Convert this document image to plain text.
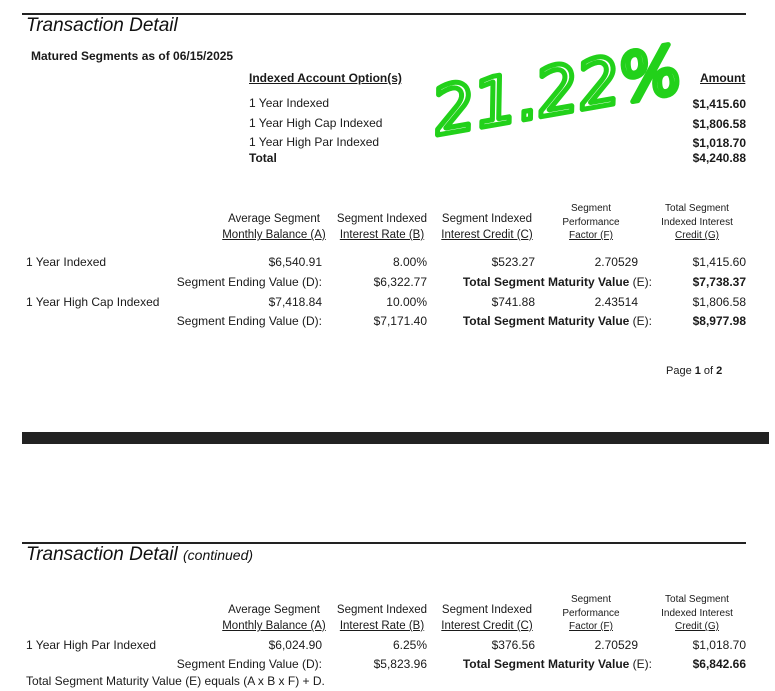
Transaction Detail
Matured Segments as of 06/15/2025
Indexed Account Option(s)	Amount
1 Year Indexed	$1,415.60
1 Year High Cap Indexed	$1,806.58
1 Year High Par Indexed	$1,018.70
Total	$4,240.88
21.22%
Average Segment
Monthly Balance (A)
Segment Indexed
Interest Rate (B)
Segment Indexed
Interest Credit (C)
Segment
Performance
Factor (F)
Total Segment
Indexed Interest
Credit (G)
1 Year Indexed	$6,540.91	8.00%	$523.27	2.70529	$1,415.60
Segment Ending Value (D):	$6,322.77	Total Segment Maturity Value (E):	$7,738.37
1 Year High Cap Indexed	$7,418.84	10.00%	$741.88	2.43514	$1,806.58
Segment Ending Value (D):	$7,171.40	Total Segment Maturity Value (E):	$8,977.98
Page 1 of 2
Transaction Detail (continued)
Average Segment
Monthly Balance (A)
Segment Indexed
Interest Rate (B)
Segment Indexed
Interest Credit (C)
Segment
Performance
Factor (F)
Total Segment
Indexed Interest
Credit (G)
1 Year High Par Indexed	$6,024.90	6.25%	$376.56	2.70529	$1,018.70
Segment Ending Value (D):	$5,823.96	Total Segment Maturity Value (E):	$6,842.66
Total Segment Maturity Value (E) equals (A x B x F) + D.
